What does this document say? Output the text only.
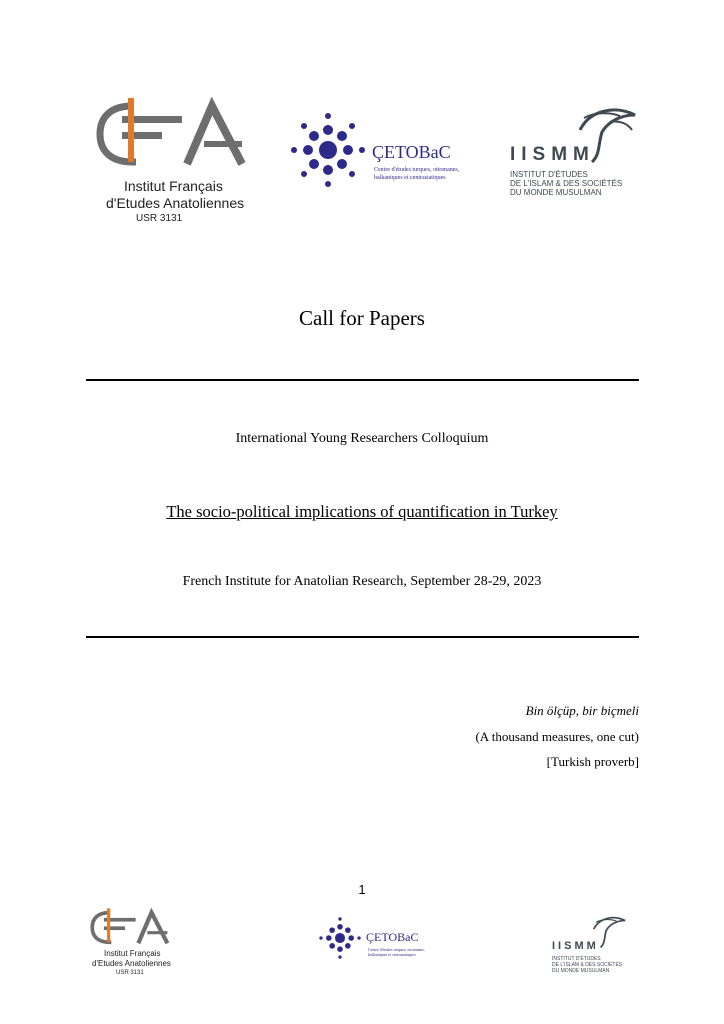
Institut Français
d'Etudes Anatoliennes
USR 3131
ÇETOBaC
Centre d'études turques, ottomanes,
balkaniques et centrasiatiques
IISMM
INSTITUT D'ÉTUDES
DE L'ISLAM & DES SOCIÉTÉS
DU MONDE MUSULMAN
Call for Papers
International Young Researchers Colloquium
The socio-political implications of quantification in Turkey
French Institute for Anatolian Research, September 28-29, 2023
Bin ölçüp, bir biçmeli
(A thousand measures, one cut)
[Turkish proverb]
1
Institut Français
d'Etudes Anatoliennes
USR 3131
ÇETOBaC
Centre d'études turques, ottomanes,
balkaniques et centrasiatiques
IISMM
INSTITUT D'ÉTUDES
DE L'ISLAM & DES SOCIÉTÉS
DU MONDE MUSULMAN
